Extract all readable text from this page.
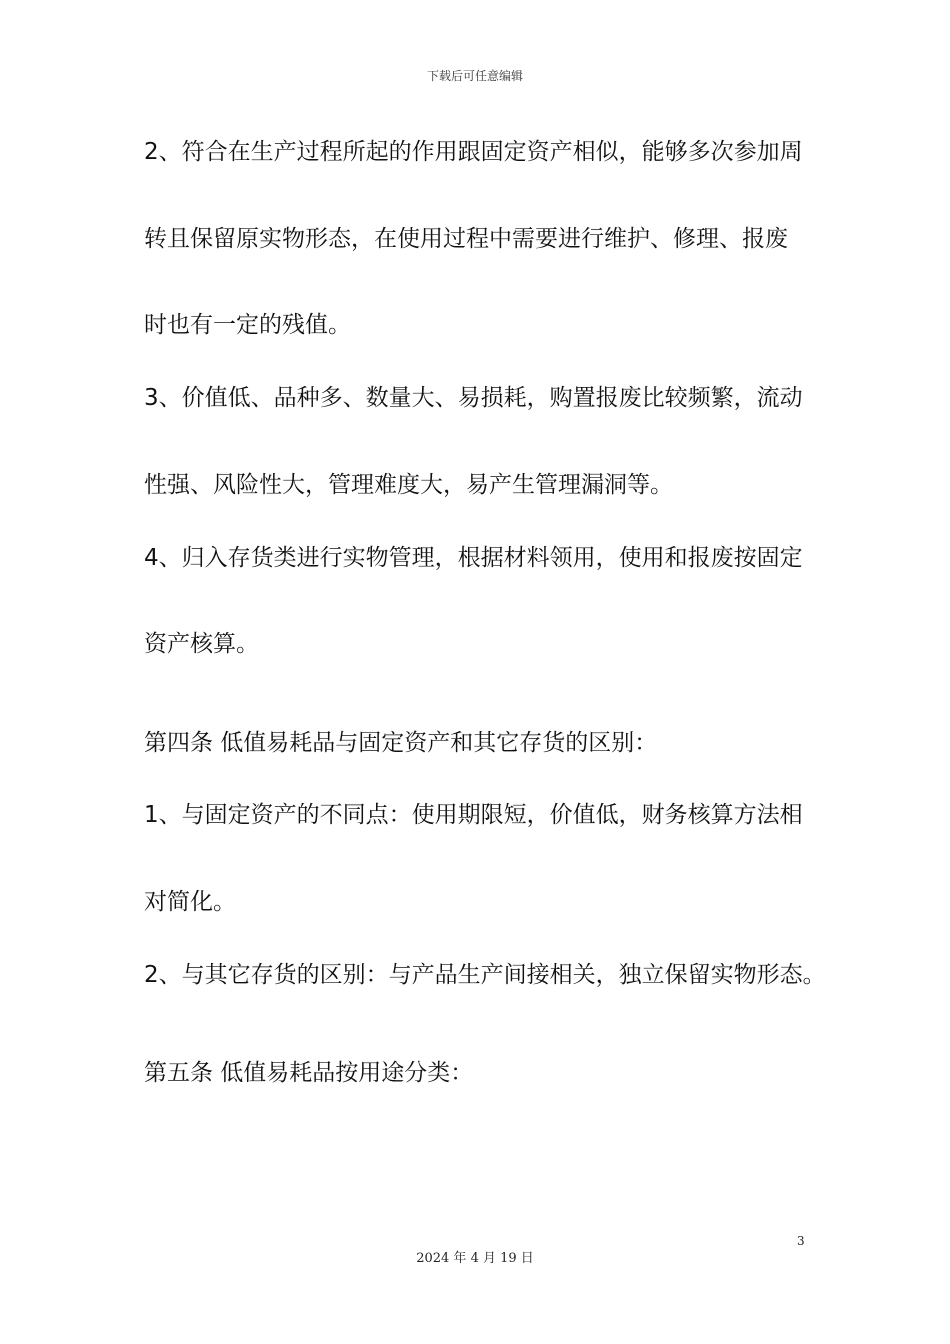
下载后可任意编辑
2、符合在生产过程所起的作用跟固定资产相似，能够多次参加周
转且保留原实物形态，在使用过程中需要进行维护、修理、报废
时也有一定的残值。
3、价值低、品种多、数量大、易损耗，购置报废比较频繁，流动
性强、风险性大，管理难度大，易产生管理漏洞等。
4、归入存货类进行实物管理，根据材料领用，使用和报废按固定
资产核算。
第四条 低值易耗品与固定资产和其它存货的区别：
1、与固定资产的不同点：使用期限短，价值低，财务核算方法相
对简化。
2、与其它存货的区别：与产品生产间接相关，独立保留实物形态。
第五条 低值易耗品按用途分类：
3
2024 年 4 月 19 日
